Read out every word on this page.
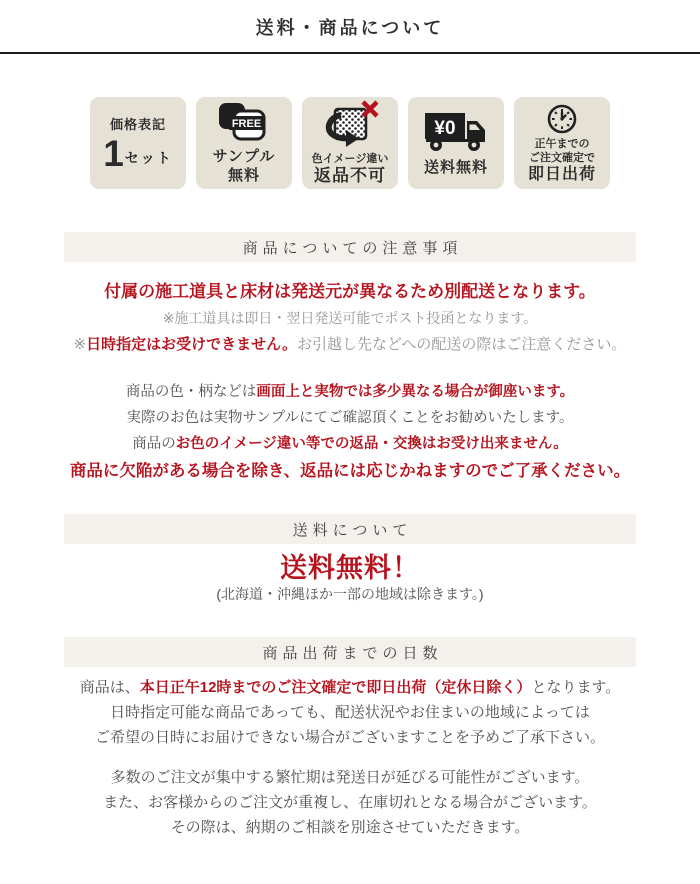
送料・商品について
価格表記
1 セット
FREE
サンプル
無料
色イメージ違い
返品不可
¥0
送料無料
正午までの
ご注文確定で
即日出荷
商品についての注意事項

付属の施工道具と床材は発送元が異なるため別配送となります。

※施工道具は即日・翌日発送可能でポスト投函となります。

※日時指定はお受けできません。お引越し先などへの配送の際はご注意ください。

商品の色・柄などは画面上と実物では多少異なる場合が御座います。

実際のお色は実物サンプルにてご確認頂くことをお勧めいたします。

商品のお色のイメージ違い等での返品・交換はお受け出来ません。

商品に欠陥がある場合を除き、返品には応じかねますのでご了承ください。

送料について

送料無料！

(北海道・沖縄ほか一部の地域は除きます。)

商品出荷までの日数

商品は、本日正午12時までのご注文確定で即日出荷（定休日除く）となります。

日時指定可能な商品であっても、配送状況やお住まいの地域によっては

ご希望の日時にお届けできない場合がございますことを予めご了承下さい。

多数のご注文が集中する繁忙期は発送日が延びる可能性がございます。

また、お客様からのご注文が重複し、在庫切れとなる場合がございます。

その際は、納期のご相談を別途させていただきます。
